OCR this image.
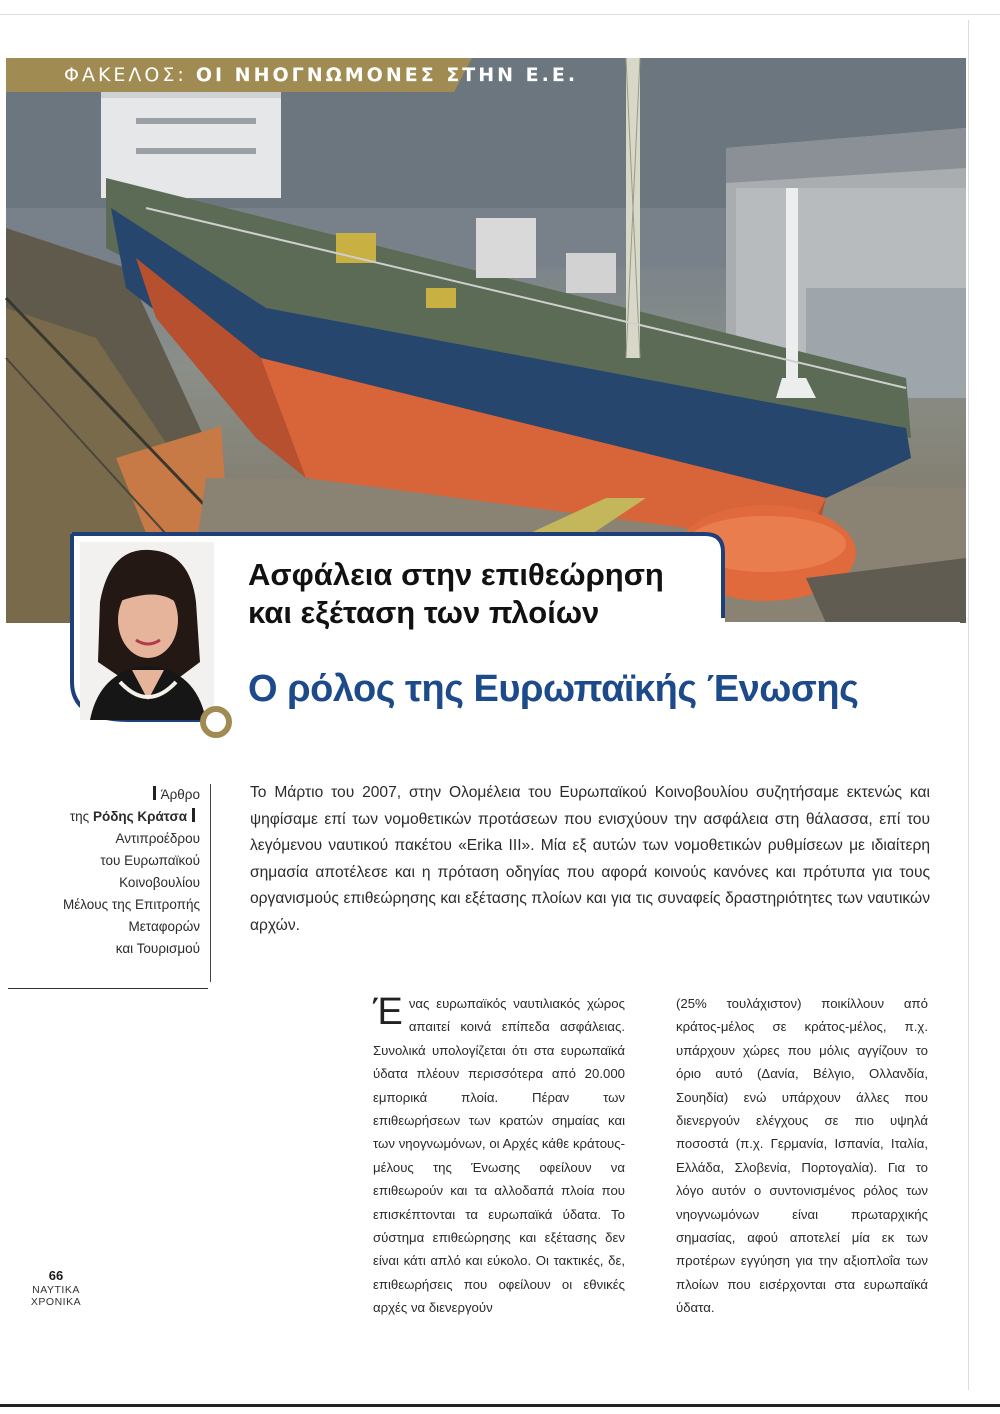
ΦΑΚΕΛΟΣ: ΟΙ ΝΗΟΓΝΩΜΟΝΕΣ ΣΤΗΝ Ε.Ε.
Ασφάλεια στην επιθεώρηση
και εξέταση των πλοίων
Ο ρόλος της Ευρωπαϊκής Ένωσης
Άρθρο
της Ρόδης Κράτσα
Αντιπροέδρου
του Ευρωπαϊκού
Κοινοβουλίου
Μέλους της Επιτροπής
Μεταφορών
και Τουρισμού
Το Μάρτιο του 2007, στην Ολομέλεια του Ευρωπαϊκού Κοινοβουλίου συζητήσαμε εκτενώς και ψηφίσαμε επί των νομοθετικών προτάσεων που ενισχύουν την ασφάλεια στη θάλασσα, επί του λεγόμενου ναυτικού πακέτου «Erika III». Μία εξ αυτών των νομοθετικών ρυθμίσεων με ιδιαίτερη σημασία αποτέλεσε και η πρόταση οδηγίας που αφορά κοινούς κανόνες και πρότυπα για τους οργανισμούς επιθεώρησης και εξέτασης πλοίων και για τις συναφείς δραστηριότητες των ναυτικών αρχών.
Ένας ευρωπαϊκός ναυτιλιακός χώρος απαιτεί κοινά επίπεδα ασφάλειας. Συνολικά υπολογίζεται ότι στα ευρωπαϊκά ύδατα πλέουν περισσότερα από 20.000 εμπορικά πλοία. Πέραν των επιθεωρήσεων των κρατών σημαίας και των νηογνωμόνων, οι Αρχές κάθε κράτους-μέλους της Ένωσης οφείλουν να επιθεωρούν και τα αλλοδαπά πλοία που επισκέπτονται τα ευρωπαϊκά ύδατα. Το σύστημα επιθεώρησης και εξέτασης δεν είναι κάτι απλό και εύκολο. Οι τακτικές, δε, επιθεωρήσεις που οφείλουν οι εθνικές αρχές να διενεργούν
(25% τουλάχιστον) ποικίλλουν από κράτος-μέλος σε κράτος-μέλος, π.χ. υπάρχουν χώρες που μόλις αγγίζουν το όριο αυτό (Δανία, Βέλγιο, Ολλανδία, Σουηδία) ενώ υπάρχουν άλλες που διενεργούν ελέγχους σε πιο υψηλά ποσοστά (π.χ. Γερμανία, Ισπανία, Ιταλία, Ελλάδα, Σλοβενία, Πορτογαλία). Για το λόγο αυτόν ο συντονισμένος ρόλος των νηογνωμόνων είναι πρωταρχικής σημασίας, αφού αποτελεί μία εκ των προτέρων εγγύηση για την αξιοπλοΐα των πλοίων που εισέρχονται στα ευρωπαϊκά ύδατα.
66
ΝΑΥΤΙΚΑ
ΧΡΟΝΙΚΑ
